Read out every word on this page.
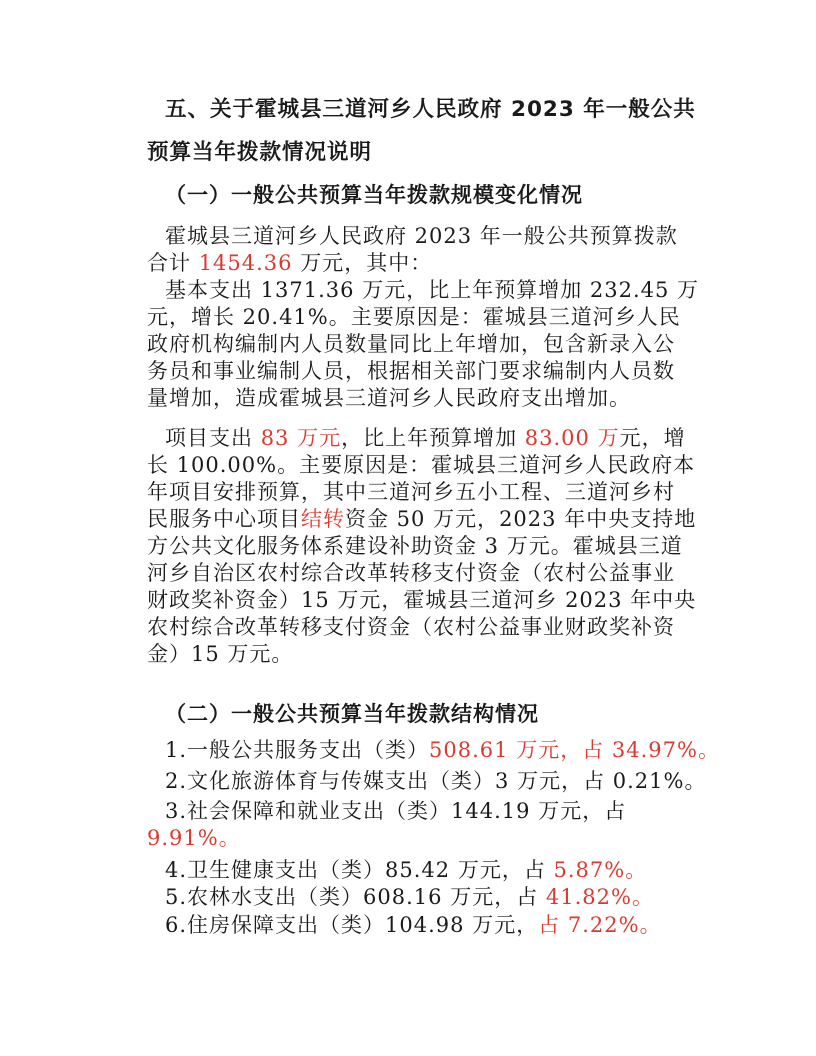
五、关于霍城县三道河乡人民政府 2023 年一般公共
预算当年拨款情况说明
（一）一般公共预算当年拨款规模变化情况
霍城县三道河乡人民政府 2023 年一般公共预算拨款
合计 1454.36 万元，其中：
基本支出 1371.36 万元，比上年预算增加 232.45 万
元，增长 20.41%。主要原因是：霍城县三道河乡人民
政府机构编制内人员数量同比上年增加，包含新录入公
务员和事业编制人员，根据相关部门要求编制内人员数
量增加，造成霍城县三道河乡人民政府支出增加。
项目支出 83 万元，比上年预算增加 83.00 万元，增
长 100.00%。主要原因是：霍城县三道河乡人民政府本
年项目安排预算，其中三道河乡五小工程、三道河乡村
民服务中心项目结转资金 50 万元，2023 年中央支持地
方公共文化服务体系建设补助资金 3 万元。霍城县三道
河乡自治区农村综合改革转移支付资金（农村公益事业
财政奖补资金）15 万元，霍城县三道河乡 2023 年中央
农村综合改革转移支付资金（农村公益事业财政奖补资
金）15 万元。
（二）一般公共预算当年拨款结构情况
1.一般公共服务支出（类）508.61 万元，占 34.97%。
2.文化旅游体育与传媒支出（类）3 万元，占 0.21%。
3.社会保障和就业支出（类）144.19 万元，占
9.91%。
4.卫生健康支出（类）85.42 万元，占 5.87%。
5.农林水支出（类）608.16 万元，占 41.82%。
6.住房保障支出（类）104.98 万元，占 7.22%。
